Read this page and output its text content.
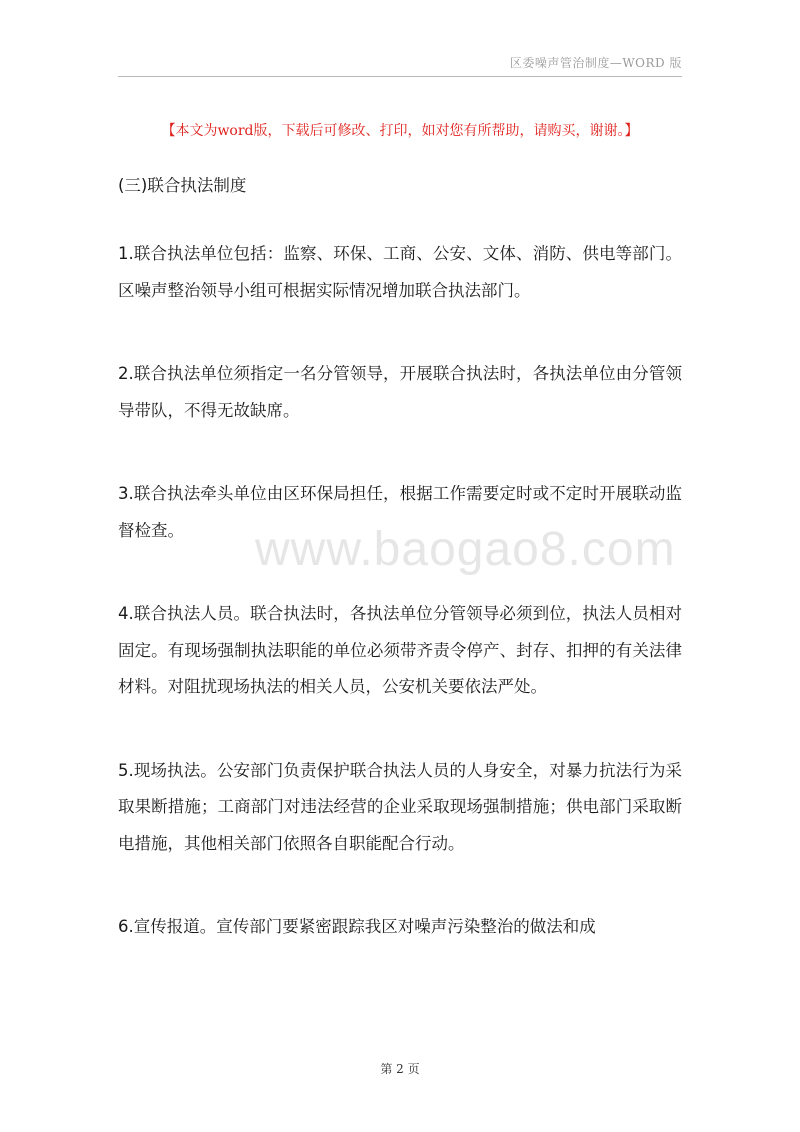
区委噪声管治制度—WORD 版
【本文为word版，下载后可修改、打印，如对您有所帮助，请购买，谢谢。】

(三)联合执法制度

1.联合执法单位包括：监察、环保、工商、公安、文体、消防、供电等部门。区噪声整治领导小组可根据实际情况增加联合执法部门。

2.联合执法单位须指定一名分管领导，开展联合执法时，各执法单位由分管领导带队，不得无故缺席。

3.联合执法牵头单位由区环保局担任，根据工作需要定时或不定时开展联动监督检查。

4.联合执法人员。联合执法时，各执法单位分管领导必须到位，执法人员相对固定。有现场强制执法职能的单位必须带齐责令停产、封存、扣押的有关法律材料。对阻扰现场执法的相关人员，公安机关要依法严处。

5.现场执法。公安部门负责保护联合执法人员的人身安全，对暴力抗法行为采取果断措施；工商部门对违法经营的企业采取现场强制措施；供电部门采取断电措施，其他相关部门依照各自职能配合行动。

6.宣传报道。宣传部门要紧密跟踪我区对噪声污染整治的做法和成

www.baogao8.com
第 2 页
